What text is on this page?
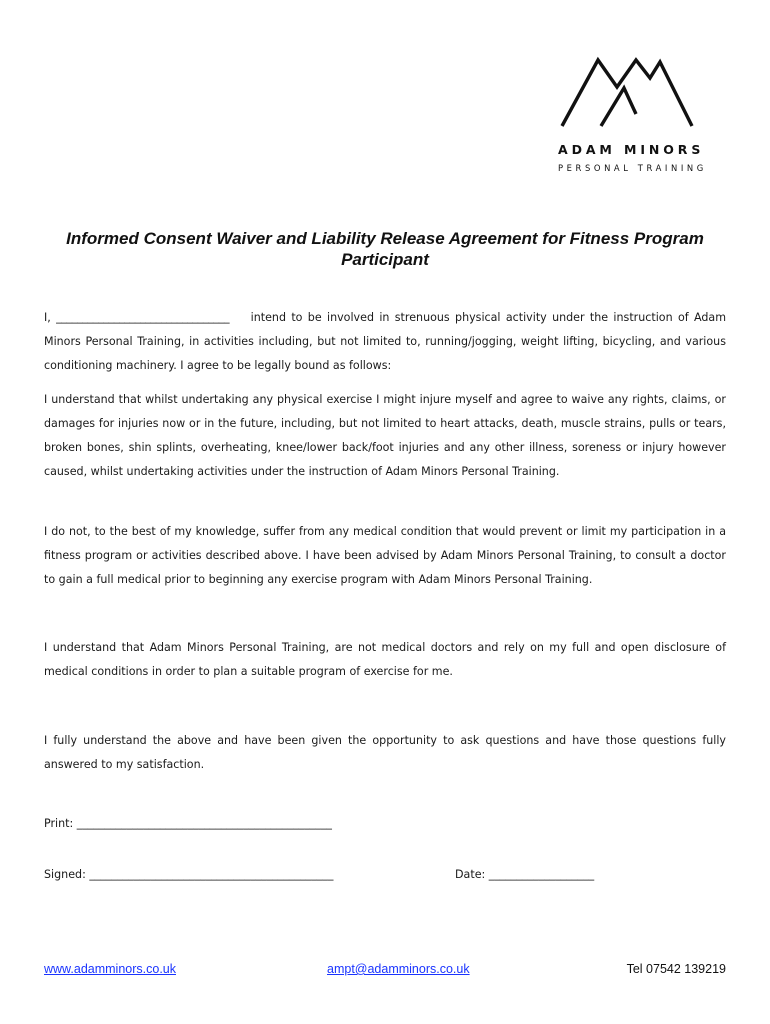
ADAM MINORS
PERSONAL TRAINING
Informed Consent Waiver and Liability Release Agreement for Fitness Program Participant
I, _________________________________ intend to be involved in strenuous physical activity under the instruction of Adam Minors Personal Training, in activities including, but not limited to, running/jogging, weight lifting, bicycling, and various conditioning machinery. I agree to be legally bound as follows:
I understand that whilst undertaking any physical exercise I might injure myself and agree to waive any rights, claims, or damages for injuries now or in the future, including, but not limited to heart attacks, death, muscle strains, pulls or tears, broken bones, shin splints, overheating, knee/lower back/foot injuries and any other illness, soreness or injury however caused, whilst undertaking activities under the instruction of Adam Minors Personal Training.
I do not, to the best of my knowledge, suffer from any medical condition that would prevent or limit my participation in a fitness program or activities described above. I have been advised by Adam Minors Personal Training, to consult a doctor to gain a full medical prior to beginning any exercise program with Adam Minors Personal Training.
I understand that Adam Minors Personal Training, are not medical doctors and rely on my full and open disclosure of medical conditions in order to plan a suitable program of exercise for me.
I fully understand the above and have been given the opportunity to ask questions and have those questions fully answered to my satisfaction.
Print: ______________________________________________
Signed: ____________________________________________	Date: ___________________
www.adamminors.co.uk	ampt@adamminors.co.uk	Tel 07542 139219
